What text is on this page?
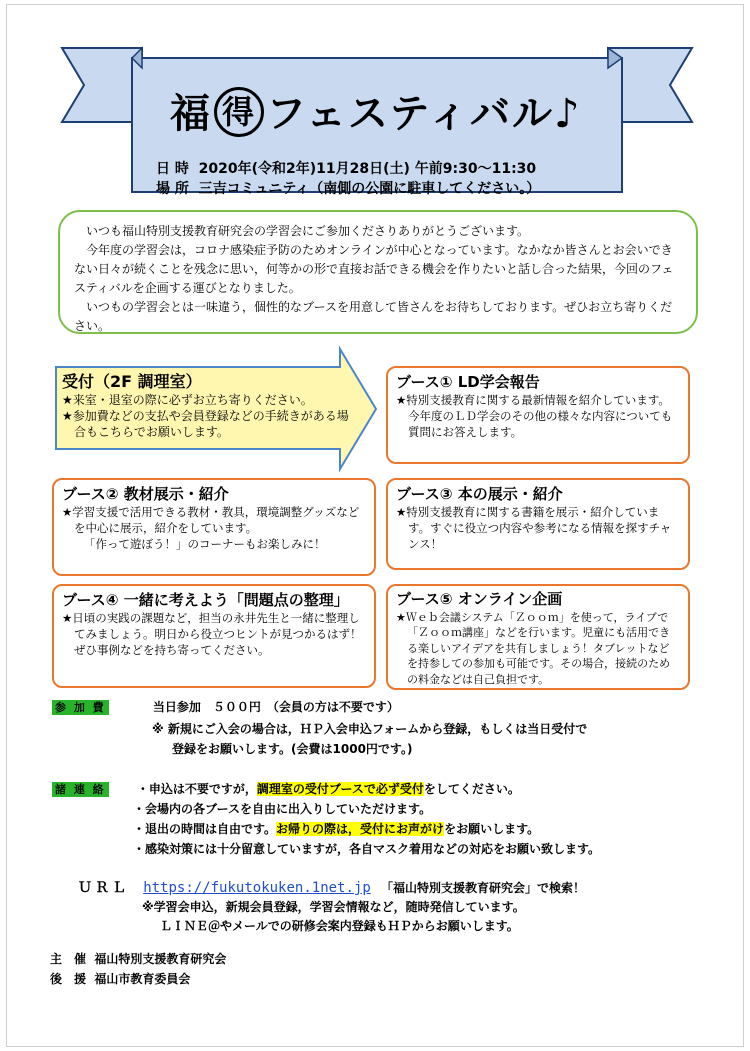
福 得 フェスティバル♪
日 時 2020年(令和2年)11月28日(土) 午前9:30～11:30
場 所 三吉コミュニティ（南側の公園に駐車してください。）

いつも福山特別支援教育研究会の学習会にご参加くださりありがとうございます。

今年度の学習会は，コロナ感染症予防のためオンラインが中心となっています。なかなか皆さんとお会いできない日々が続くことを残念に思い，何等かの形で直接お話できる機会を作りたいと話し合った結果，今回のフェスティバルを企画する運びとなりました。

いつもの学習会とは一味違う，個性的なブースを用意して皆さんをお待ちしております。ぜひお立ち寄りください。

受付（2F 調理室）

★来室・退室の際に必ずお立ち寄りください。

★参加費などの支払や会員登録などの手続きがある場合もこちらでお願いします。

ブース① LD学会報告

★特別支援教育に関する最新情報を紹介しています。今年度のＬＤ学会のその他の様々な内容についても質問にお答えします。

ブース② 教材展示・紹介

★学習支援で活用できる教材・教具，環境調整グッズなどを中心に展示，紹介をしています。

「作って遊ぼう！」のコーナーもお楽しみに！

ブース③ 本の展示・紹介

★特別支援教育に関する書籍を展示・紹介しています。すぐに役立つ内容や参考になる情報を探すチャンス！

ブース④ 一緒に考えよう「問題点の整理」

★日頃の実践の課題など，担当の永井先生と一緒に整理してみましょう。明日から役立つヒントが見つかるはず！ぜひ事例などを持ち寄ってください。

ブース⑤ オンライン企画

★Ｗｅｂ会議システム「Ｚｏｏｍ」を使って，ライブで「Ｚｏｏｍ講座」などを行います。児童にも活用できる楽しいアイデアを共有しましょう！タブレットなどを持参しての参加も可能です。その場合，接続のための料金などは自己負担です。

参 加 費	当日参加　５００円　（会員の方は不要です）
※ 新規にご入会の場合は，ＨＰ入会申込フォームから登録，もしくは当日受付で
登録をお願いします。(会費は1000円です。)
諸 連 絡	・申込は不要ですが，調理室の受付ブースで必ず受付をしてください。
・会場内の各ブースを自由に出入りしていただけます。
・退出の時間は自由です。お帰りの際は，受付にお声がけをお願いします。
・感染対策には十分留意していますが，各自マスク着用などの対応をお願い致します。
ＵＲＬ https://fukutokuken.1net.jp 「福山特別支援教育研究会」で検索！
※学習会申込，新規会員登録，学習会情報など，随時発信しています。
ＬＩＮＥ＠やメールでの研修会案内登録もＨＰからお願いします。
主　催 福山特別支援教育研究会
後　援 福山市教育委員会
